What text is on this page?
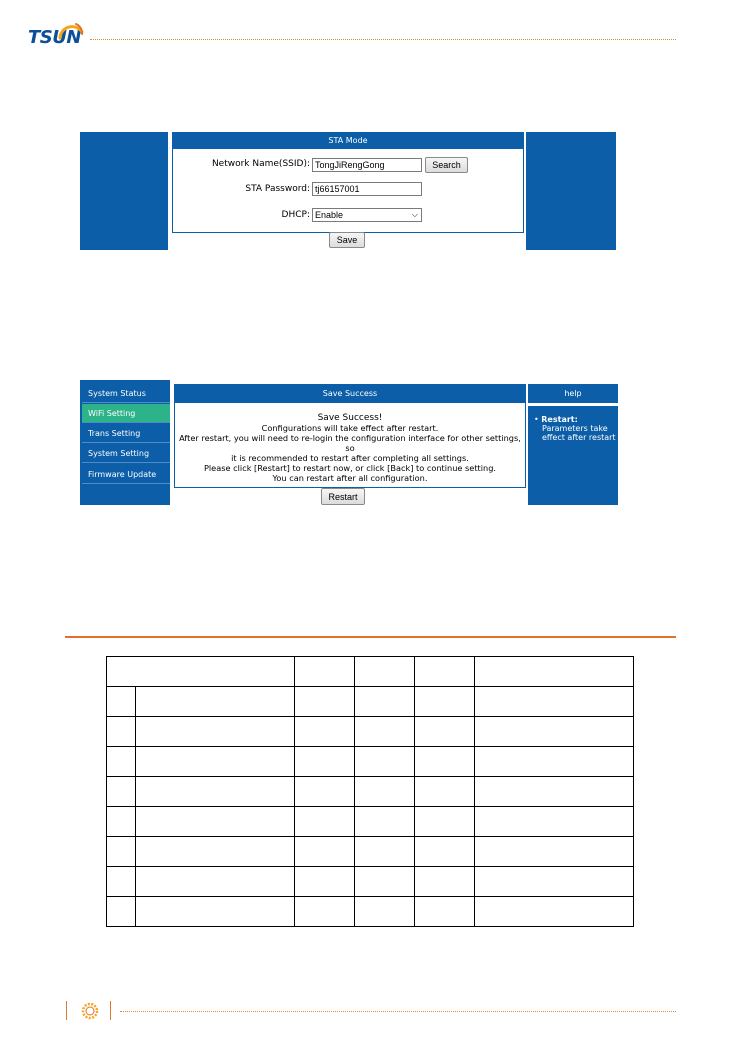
TSUN
STA Mode
Network Name(SSID): TongJiRengGong	Search
STA Password: tj66157001
DHCP: Enable	⌵
Save
System Status
WiFi Setting
Trans Setting
System Setting
Firmware Update
Save Success
Save Success!
Configurations will take effect after restart.
After restart, you will need to re-login the configuration interface for other settings, so
it is recommended to restart after completing all settings.
Please click [Restart] to restart now, or click [Back] to continue setting.
You can restart after all configuration.
help
• Restart:

Parameters take effect after restart
Restart
